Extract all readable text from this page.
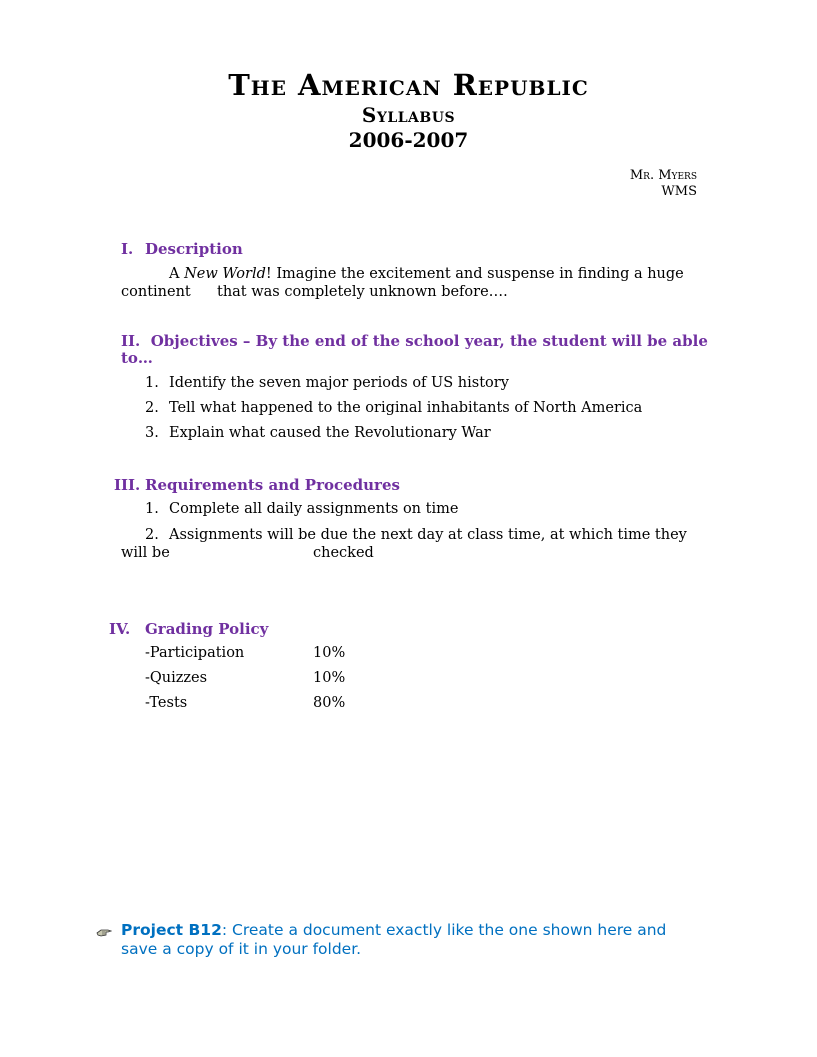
The American Republic
Syllabus
2006-2007
Mr. Myers
WMS
I. Description
A New World! Imagine the excitement and suspense in finding a huge
continent that was completely unknown before….
II. Objectives – By the end of the school year, the student will be able
to…
1. Identify the seven major periods of US history
2. Tell what happened to the original inhabitants of North America
3. Explain what caused the Revolutionary War
III. Requirements and Procedures
1. Complete all daily assignments on time
2. Assignments will be due the next day at class time, at which time they
will be	checked
IV. Grading Policy
-Participation	10%
-Quizzes	10%
-Tests	80%
Project B12: Create a document exactly like the one shown here and
save a copy of it in your folder.
